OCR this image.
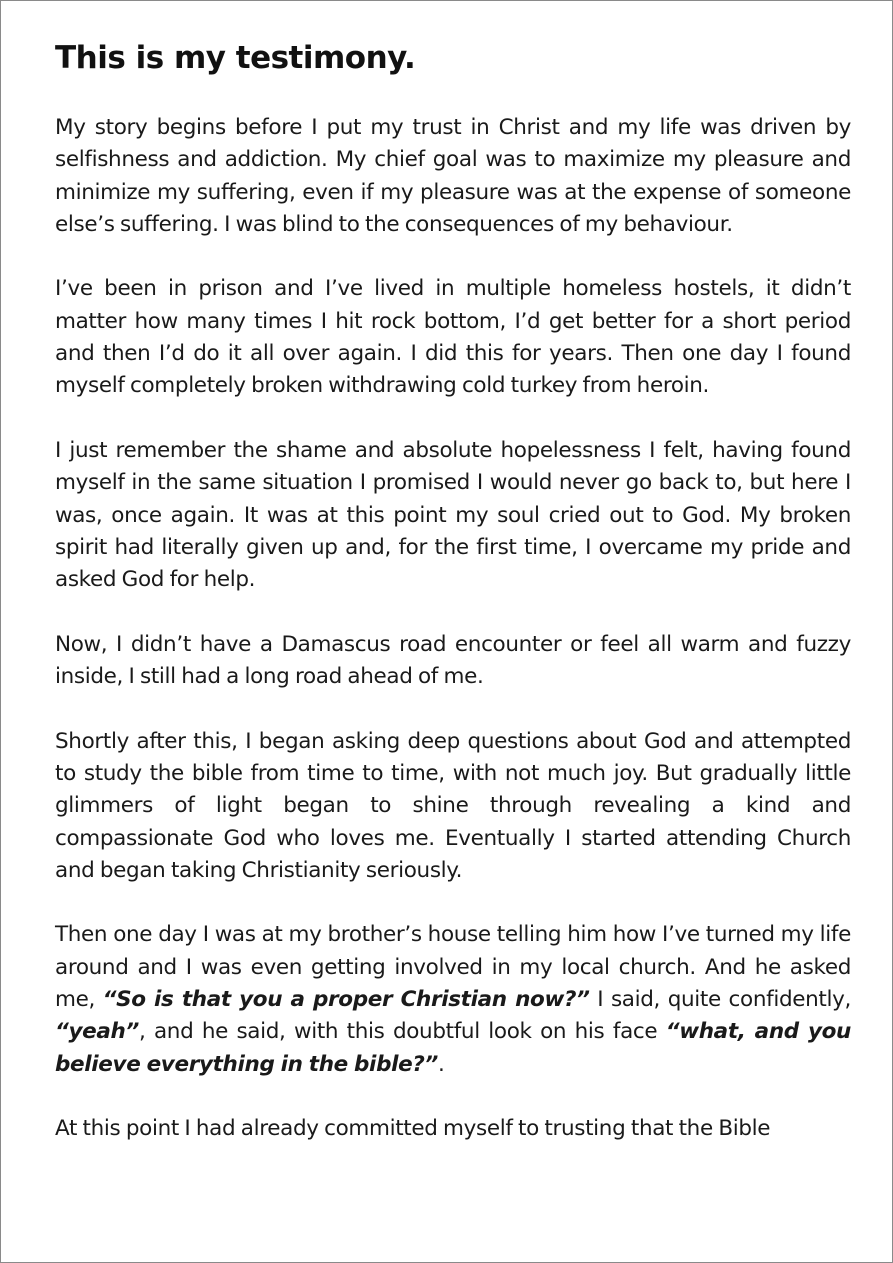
This is my testimony.

My story begins before I put my trust in Christ and my life was driven by selfishness and addiction. My chief goal was to maximize my pleasure and minimize my suffering, even if my pleasure was at the expense of someone else’s suffering. I was blind to the consequences of my behaviour.

I’ve been in prison and I’ve lived in multiple homeless hostels, it didn’t matter how many times I hit rock bottom, I’d get better for a short period and then I’d do it all over again. I did this for years. Then one day I found myself completely broken withdrawing cold turkey from heroin.

I just remember the shame and absolute hopelessness I felt, having found myself in the same situation I promised I would never go back to, but here I was, once again. It was at this point my soul cried out to God. My broken spirit had literally given up and, for the first time, I overcame my pride and asked God for help.

Now, I didn’t have a Damascus road encounter or feel all warm and fuzzy inside, I still had a long road ahead of me.

Shortly after this, I began asking deep questions about God and attempted to study the bible from time to time, with not much joy. But gradually little glimmers of light began to shine through revealing a kind and compassionate God who loves me. Eventually I started attending Church and began taking Christianity seriously.

Then one day I was at my brother’s house telling him how I’ve turned my life around and I was even getting involved in my local church. And he asked me, “So is that you a proper Christian now?” I said, quite confidently, “yeah”, and he said, with this doubtful look on his face “what, and you believe everything in the bible?”.

At this point I had already committed myself to trusting that the Bible
